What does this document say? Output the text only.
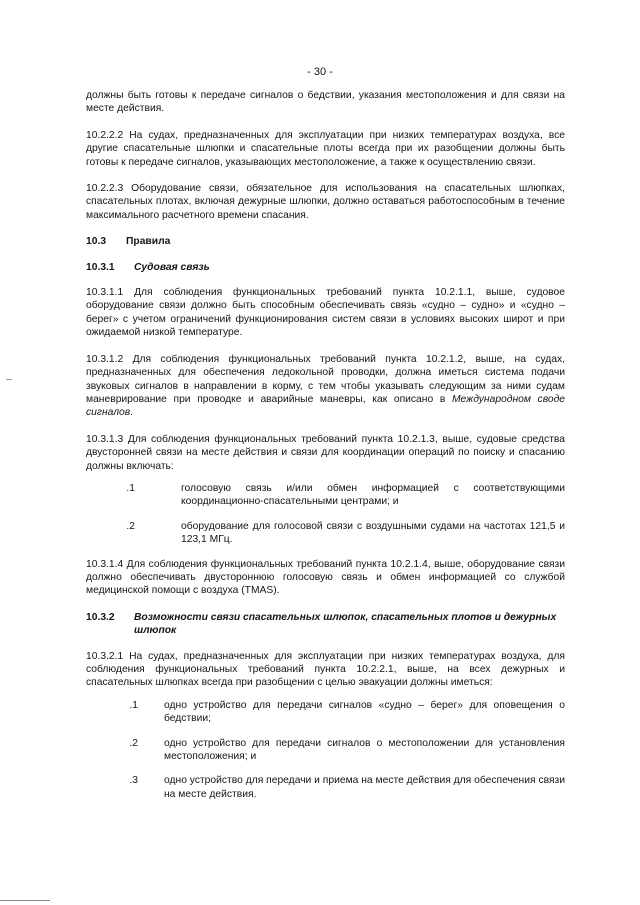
- 30 -

должны быть готовы к передаче сигналов о бедствии, указания местоположения и для связи на месте действия.

10.2.2.2 На судах, предназначенных для эксплуатации при низких температурах воздуха, все другие спасательные шлюпки и спасательные плоты всегда при их разобщении должны быть готовы к передаче сигналов, указывающих местоположение, а также к осуществлению связи.

10.2.2.3 Оборудование связи, обязательное для использования на спасательных шлюпках, спасательных плотах, включая дежурные шлюпки, должно оставаться работоспособным в течение максимального расчетного времени спасания.

10.3	Правила
10.3.1	Судовая связь

10.3.1.1 Для соблюдения функциональных требований пункта 10.2.1.1, выше, судовое оборудование связи должно быть способным обеспечивать связь «судно – судно» и «судно – берег» с учетом ограничений функционирования систем связи в условиях высоких широт и при ожидаемой низкой температуре.

10.3.1.2 Для соблюдения функциональных требований пункта 10.2.1.2, выше, на судах, предназначенных для обеспечения ледокольной проводки, должна иметься система подачи звуковых сигналов в направлении в корму, с тем чтобы указывать следующим за ними судам маневрирование при проводке и аварийные маневры, как описано в Международном своде сигналов.

10.3.1.3 Для соблюдения функциональных требований пункта 10.2.1.3, выше, судовые средства двусторонней связи на месте действия и связи для координации операций по поиску и спасанию должны включать:

.1	голосовую связь и/или обмен информацией с соответствующими координационно-спасательными центрами; и
.2	оборудование для голосовой связи с воздушными судами на частотах 121,5 и 123,1 МГц.

10.3.1.4 Для соблюдения функциональных требований пункта 10.2.1.4, выше, оборудование связи должно обеспечивать двустороннюю голосовую связь и обмен информацией со службой медицинской помощи с воздуха (TMAS).

10.3.2	Возможности связи спасательных шлюпок, спасательных плотов и дежурных шлюпок

10.3.2.1 На судах, предназначенных для эксплуатации при низких температурах воздуха, для соблюдения функциональных требований пункта 10.2.2.1, выше, на всех дежурных и спасательных шлюпках всегда при разобщении с целью эвакуации должны иметься:

.1	одно устройство для передачи сигналов «судно – берег» для оповещения о бедствии;
.2	одно устройство для передачи сигналов о местоположении для установления местоположения; и
.3	одно устройство для передачи и приема на месте действия для обеспечения связи на месте действия.
